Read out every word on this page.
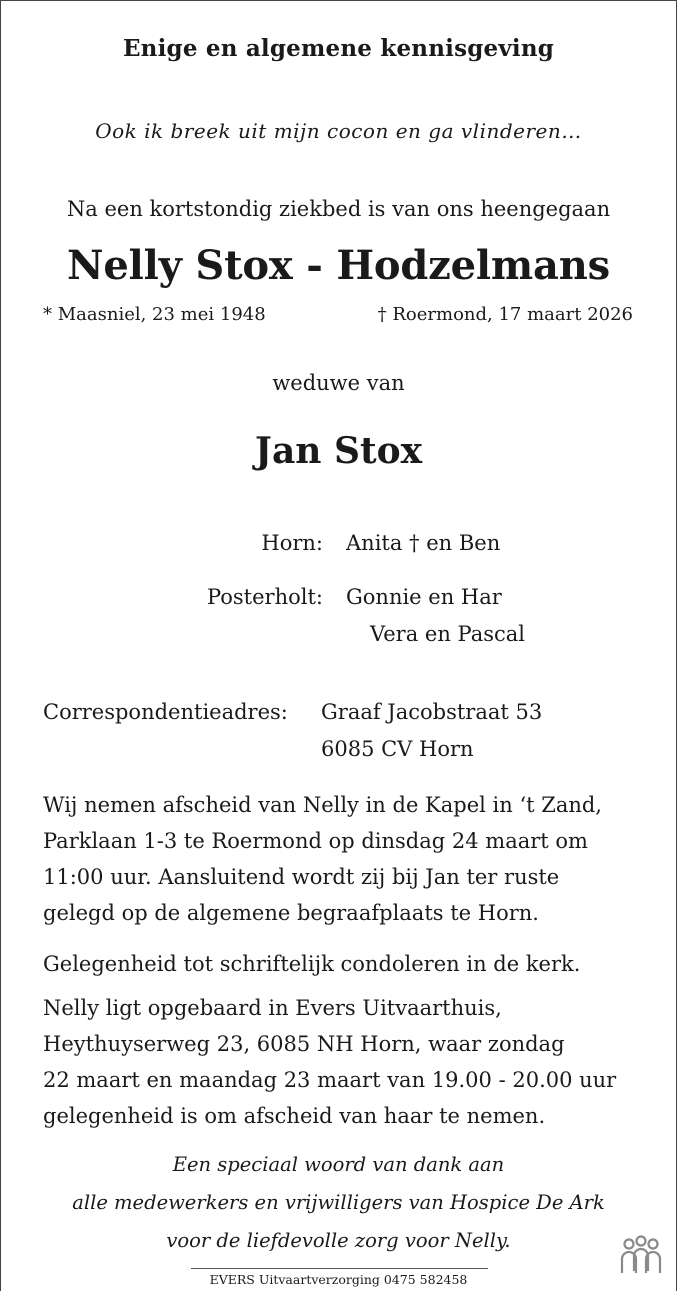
Enige en algemene kennisgeving
Ook ik breek uit mijn cocon en ga vlinderen…
Na een kortstondig ziekbed is van ons heengegaan
Nelly Stox - Hodzelmans
* Maasniel, 23 mei 1948	† Roermond, 17 maart 2026
weduwe van
Jan Stox
Horn: Anita † en Ben
Posterholt: Gonnie en Har
Vera en Pascal
Correspondentieadres: Graaf Jacobstraat 53
6085 CV Horn
Wij nemen afscheid van Nelly in de Kapel in ‘t Zand,
Parklaan 1-3 te Roermond op dinsdag 24 maart om
11:00 uur. Aansluitend wordt zij bij Jan ter ruste
gelegd op de algemene begraafplaats te Horn.
Gelegenheid tot schriftelijk condoleren in de kerk.
Nelly ligt opgebaard in Evers Uitvaarthuis,
Heythuyserweg 23, 6085 NH Horn, waar zondag
22 maart en maandag 23 maart van 19.00 - 20.00 uur
gelegenheid is om afscheid van haar te nemen.
Een speciaal woord van dank aan
alle medewerkers en vrijwilligers van Hospice De Ark
voor de liefdevolle zorg voor Nelly.
EVERS Uitvaartverzorging 0475 582458
